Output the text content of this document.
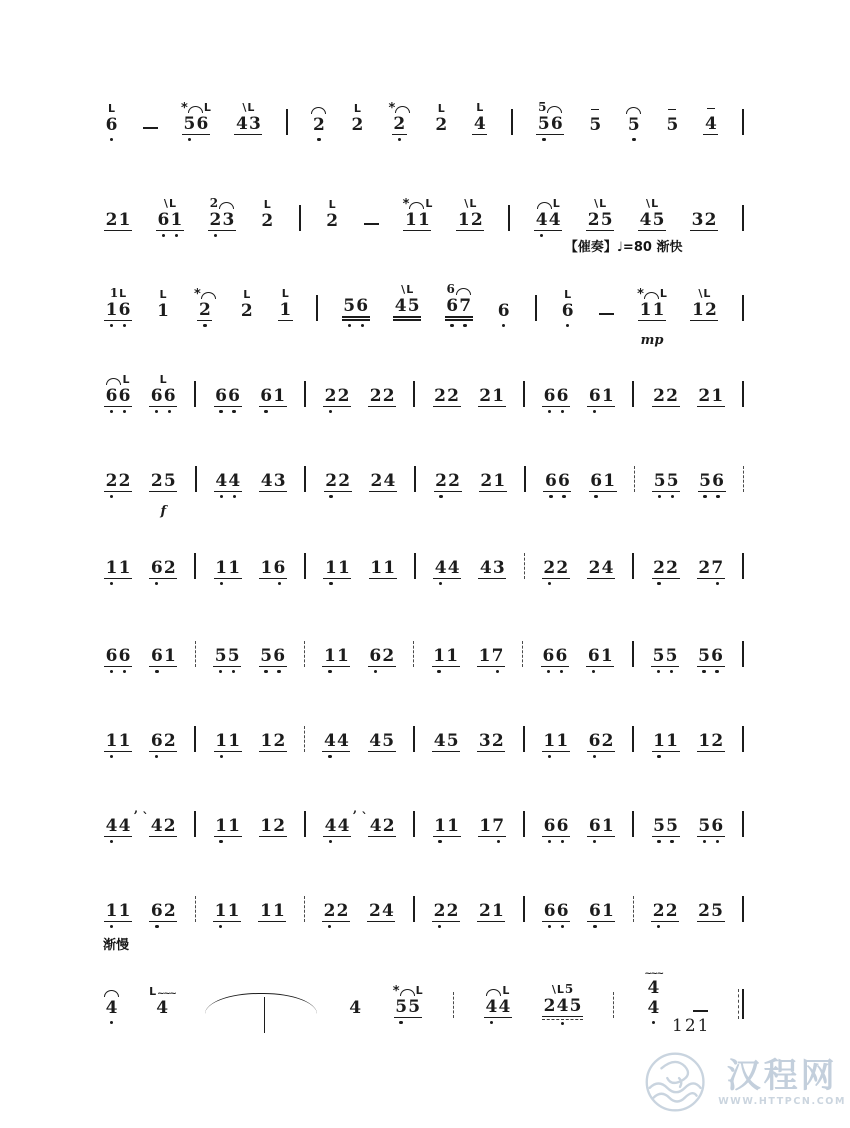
L
6
* L
5 6
\ L
4 3	2
L
2
*
2
L
2
L
4
5
5 6 5 5 5 4
2 1
\ L
6 1
2
2 3
L
2
L
2
* L
1 1
\ L
1 2
L
4 4
\ L
2 5
\ L
4 5 3 2
【催奏】♩=80 渐快
1 L
1 6
L
1
*
2
L
2
L
1	5 6
\ L
4 5
6
6 7 6
L
6
* L
1 1
mp
\ L
1 2
L
6 6
L
6 6 6 6 6 1 2 2 2 2 2 2 2 1 6 6 6 1 2 2 2 1
2 2 2 5
f
4 4 4 3 2 2 2 4 2 2 2 1 6 6 6 1 5 5 5 6
1 1 6 2 1 1 1 6 1 1 1 1 4 4 4 3 2 2 2 4 2 2 2 7
6 6 6 1 5 5 5 6 1 1 6 2 1 1 1 7 6 6 6 1 5 5 5 6
1 1 6 2 1 1 1 2 4 4 4 5 4 5 3 2 1 1 6 2 1 1 1 2
4 4 ’ 4 2
`	1 1 1 2 4 4 ’ 4 2
`	1 1 1 7 6 6 6 1 5 5 5 6
1 1 6 2 1 1 1 1 2 2 2 4 2 2 2 1 6 6 6 1 2 2 2 5
渐慢
4
L ~~~
4	4
* L
5 5
L
4 4
\ L 5
2 4 5
~~~
4
4
121
汉程网
WWW.HTTPCN.COM
